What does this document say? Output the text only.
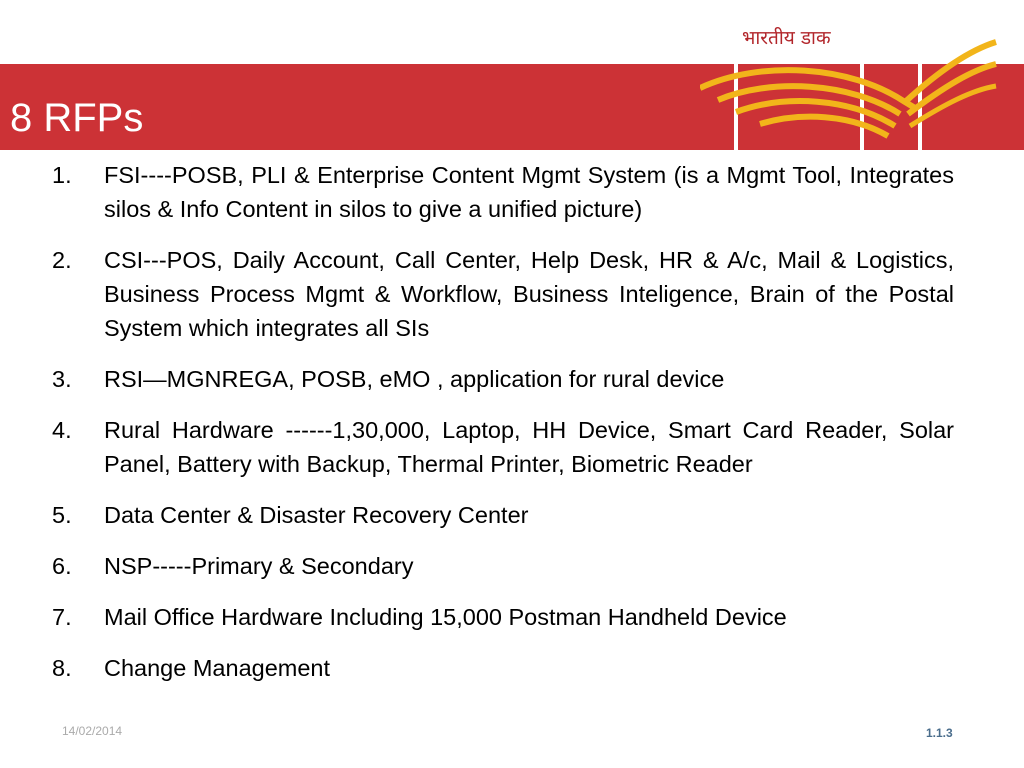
8 RFPs
भारतीय डाक
1. FSI----POSB, PLI & Enterprise Content Mgmt System (is a Mgmt Tool, Integrates silos & Info Content in silos to give a unified picture)
2. CSI---POS, Daily Account, Call Center, Help Desk, HR & A/c, Mail & Logistics, Business Process Mgmt & Workflow, Business Inteligence, Brain of the Postal System which integrates all SIs
3. RSI—MGNREGA, POSB, eMO , application for rural device
4. Rural Hardware ------1,30,000, Laptop, HH Device, Smart Card Reader, Solar Panel, Battery with Backup, Thermal Printer, Biometric Reader
5. Data Center & Disaster Recovery Center
6. NSP-----Primary & Secondary
7. Mail Office Hardware Including 15,000 Postman Handheld Device
8. Change Management
14/02/2014	1.1.3
